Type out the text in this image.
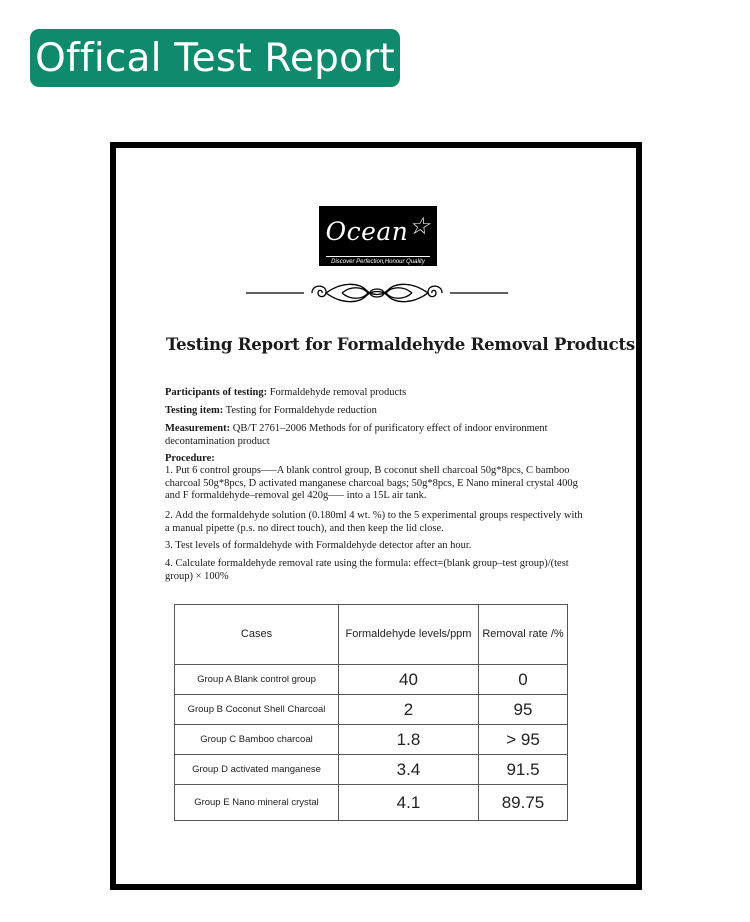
Offical Test Report
Ocean☆
Discover Perfection,Honour Quality
Testing Report for Formaldehyde Removal Products
Participants of testing: Formaldehyde removal products
Testing item: Testing for Formaldehyde reduction
Measurement: QB/T 2761–2006 Methods for of purificatory effect of indoor environment decontamination product
Procedure:
1. Put 6 control groups–––A blank control group, B coconut shell charcoal 50g*8pcs, C bamboo charcoal 50g*8pcs, D activated manganese charcoal bags; 50g*8pcs, E Nano mineral crystal 400g and F formaldehyde–removal gel 420g––– into a 15L air tank.
2. Add the formaldehyde solution (0.180ml 4 wt. %) to the 5 experimental groups respectively with a manual pipette (p.s. no direct touch), and then keep the lid close.
3. Test levels of formaldehyde with Formaldehyde detector after an hour.
4. Calculate formaldehyde removal rate using the formula: effect=(blank group–test group)/(test group) × 100%
Cases	Formaldehyde levels/ppm	Removal rate /%
Group A Blank control group	40	0
Group B Coconut Shell Charcoal	2	95
Group C Bamboo charcoal	1.8	> 95
Group D activated manganese	3.4	91.5
Group E Nano mineral crystal	4.1	89.75
